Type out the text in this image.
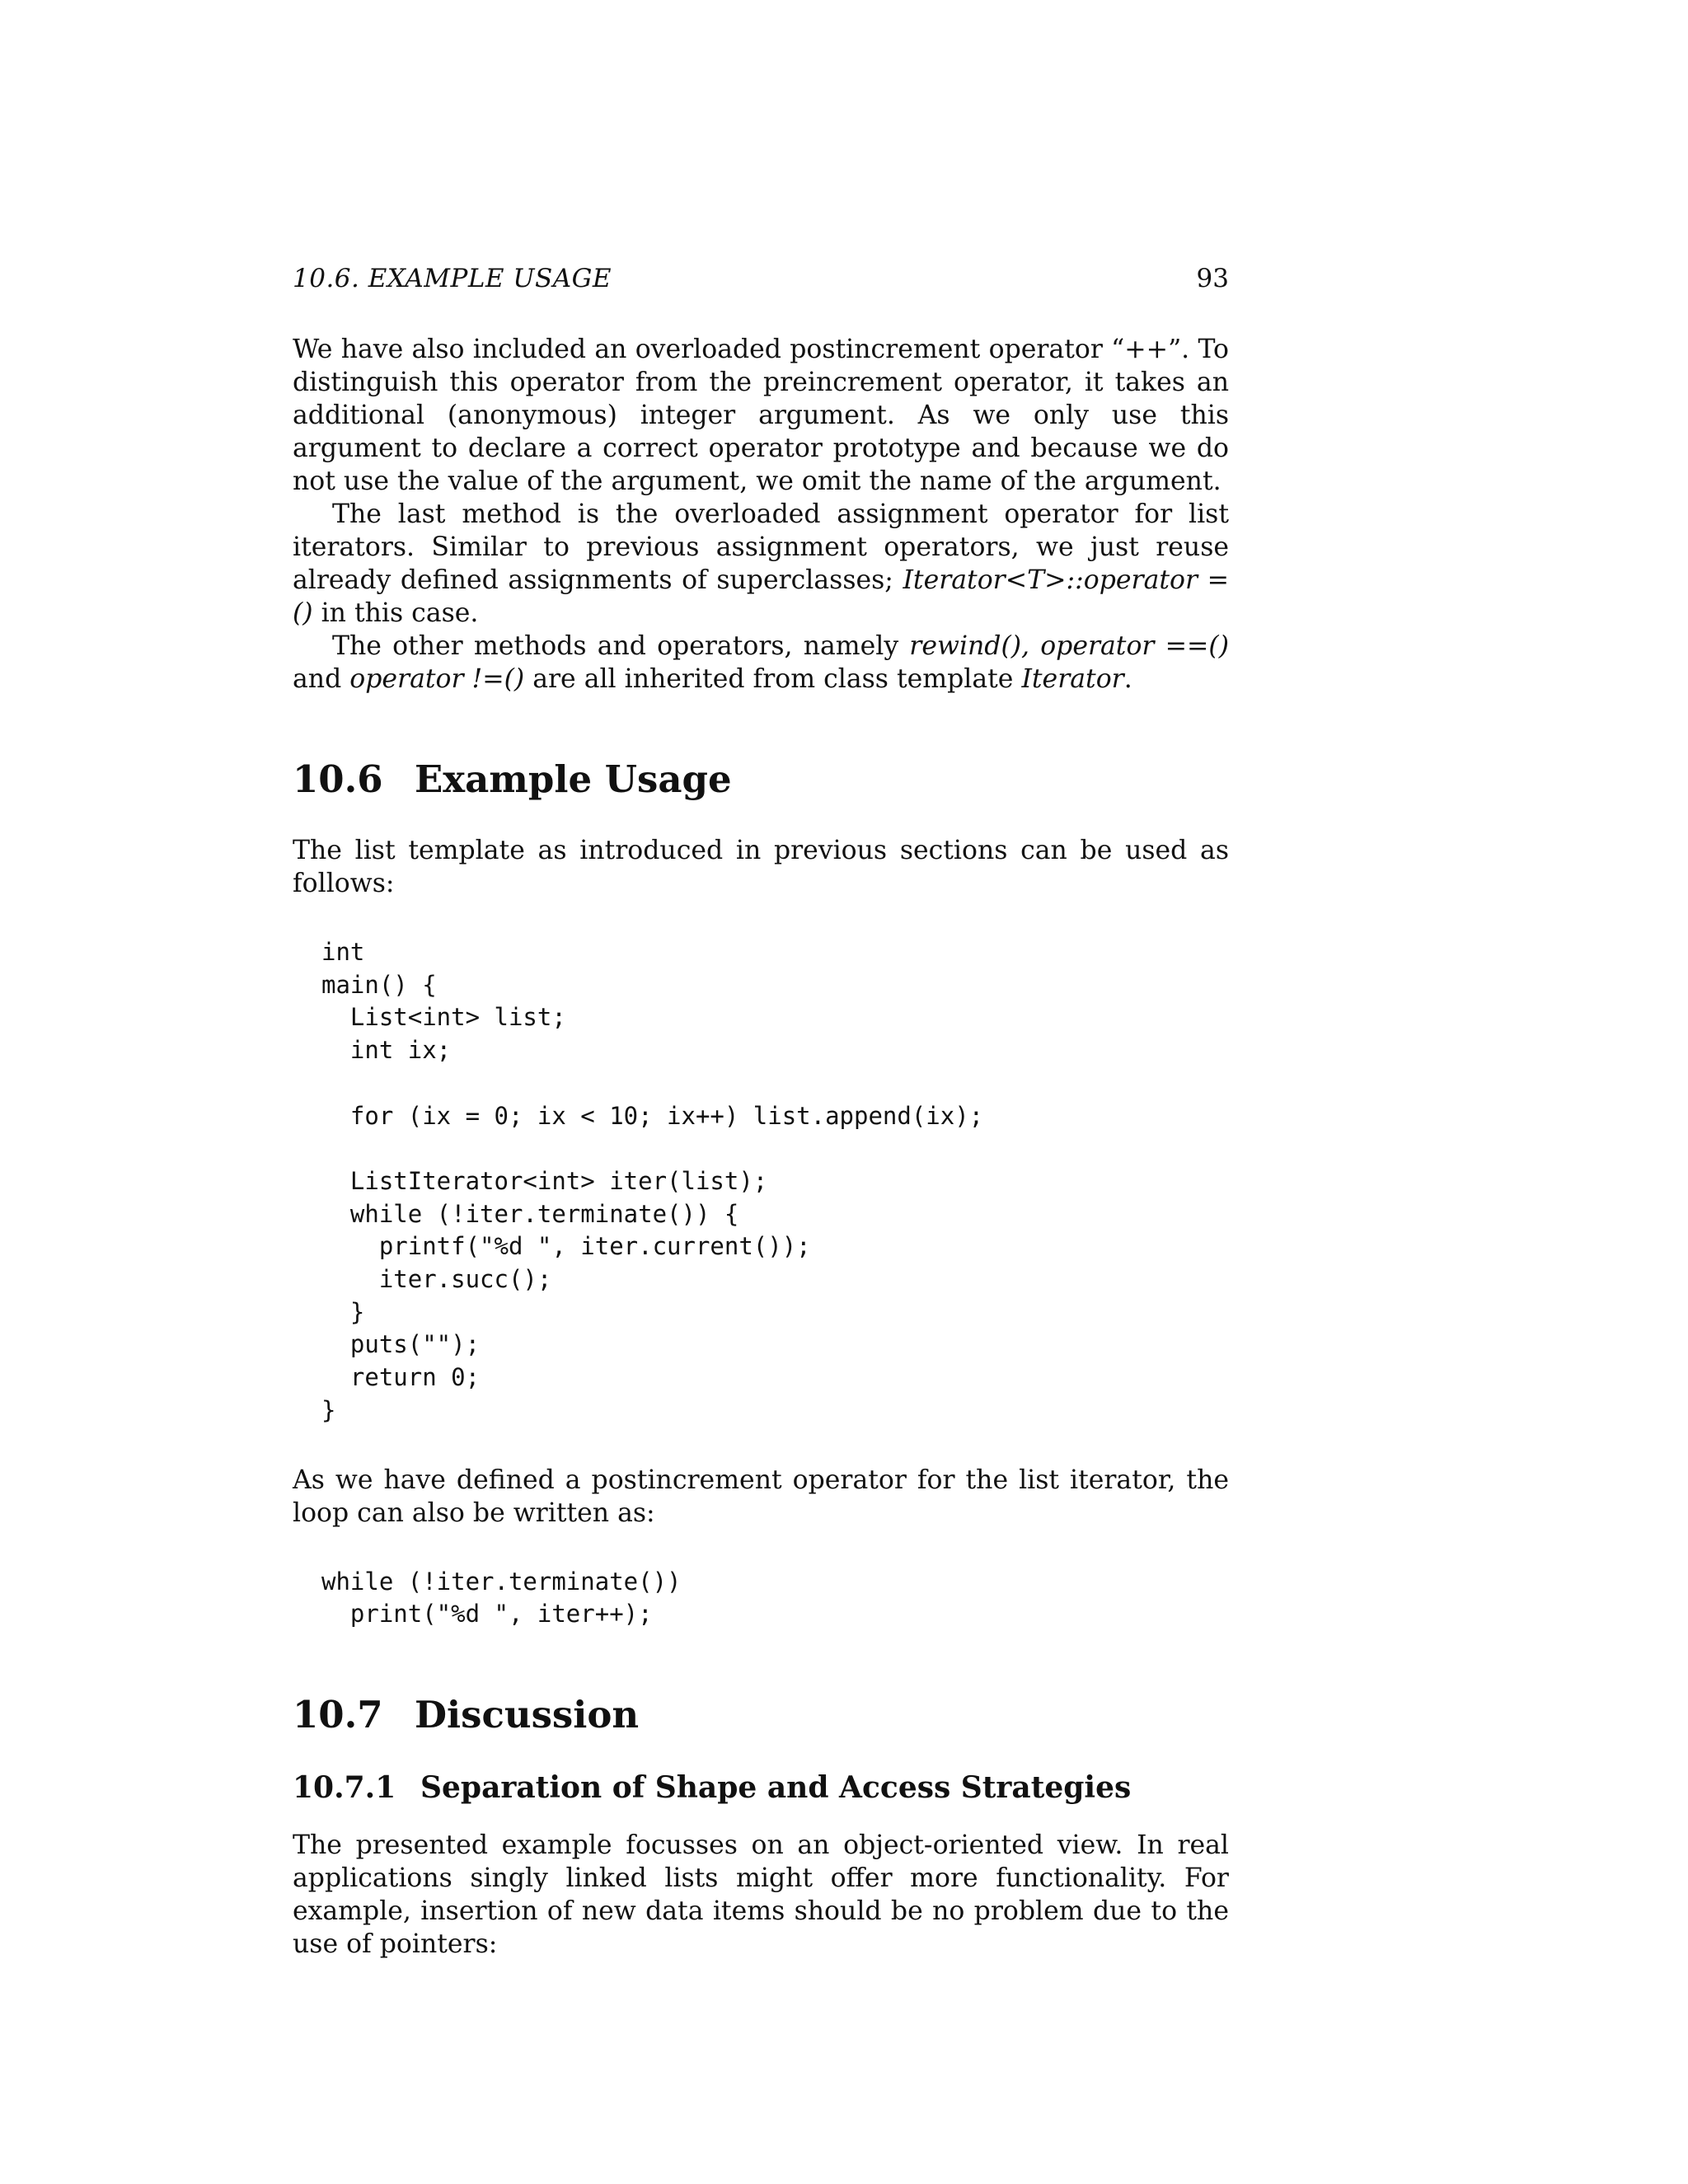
10.6. EXAMPLE USAGE	93

We have also included an overloaded postincrement operator “++”. To distinguish this operator from the preincrement operator, it takes an additional (anonymous) integer argument. As we only use this argument to declare a correct operator prototype and because we do not use the value of the argument, we omit the name of the argument.

The last method is the overloaded assignment operator for list iterators. Similar to previous assignment operators, we just reuse already defined assignments of superclasses; Iterator<T>::operator =() in this case.

The other methods and operators, namely rewind(), operator ==() and operator !=() are all inherited from class template Iterator.

10.6 Example Usage

The list template as introduced in previous sections can be used as follows:

int
main() {
List<int> list;
int ix;

for (ix = 0; ix < 10; ix++) list.append(ix);

ListIterator<int> iter(list);
while (!iter.terminate()) {
printf("%d ", iter.current());
iter.succ();
}
puts("");
return 0;
}

As we have defined a postincrement operator for the list iterator, the loop can also be written as:

while (!iter.terminate())
print("%d ", iter++);
10.7 Discussion
10.7.1 Separation of Shape and Access Strategies

The presented example focusses on an object-oriented view. In real applications singly linked lists might offer more functionality. For example, insertion of new data items should be no problem due to the use of pointers:
